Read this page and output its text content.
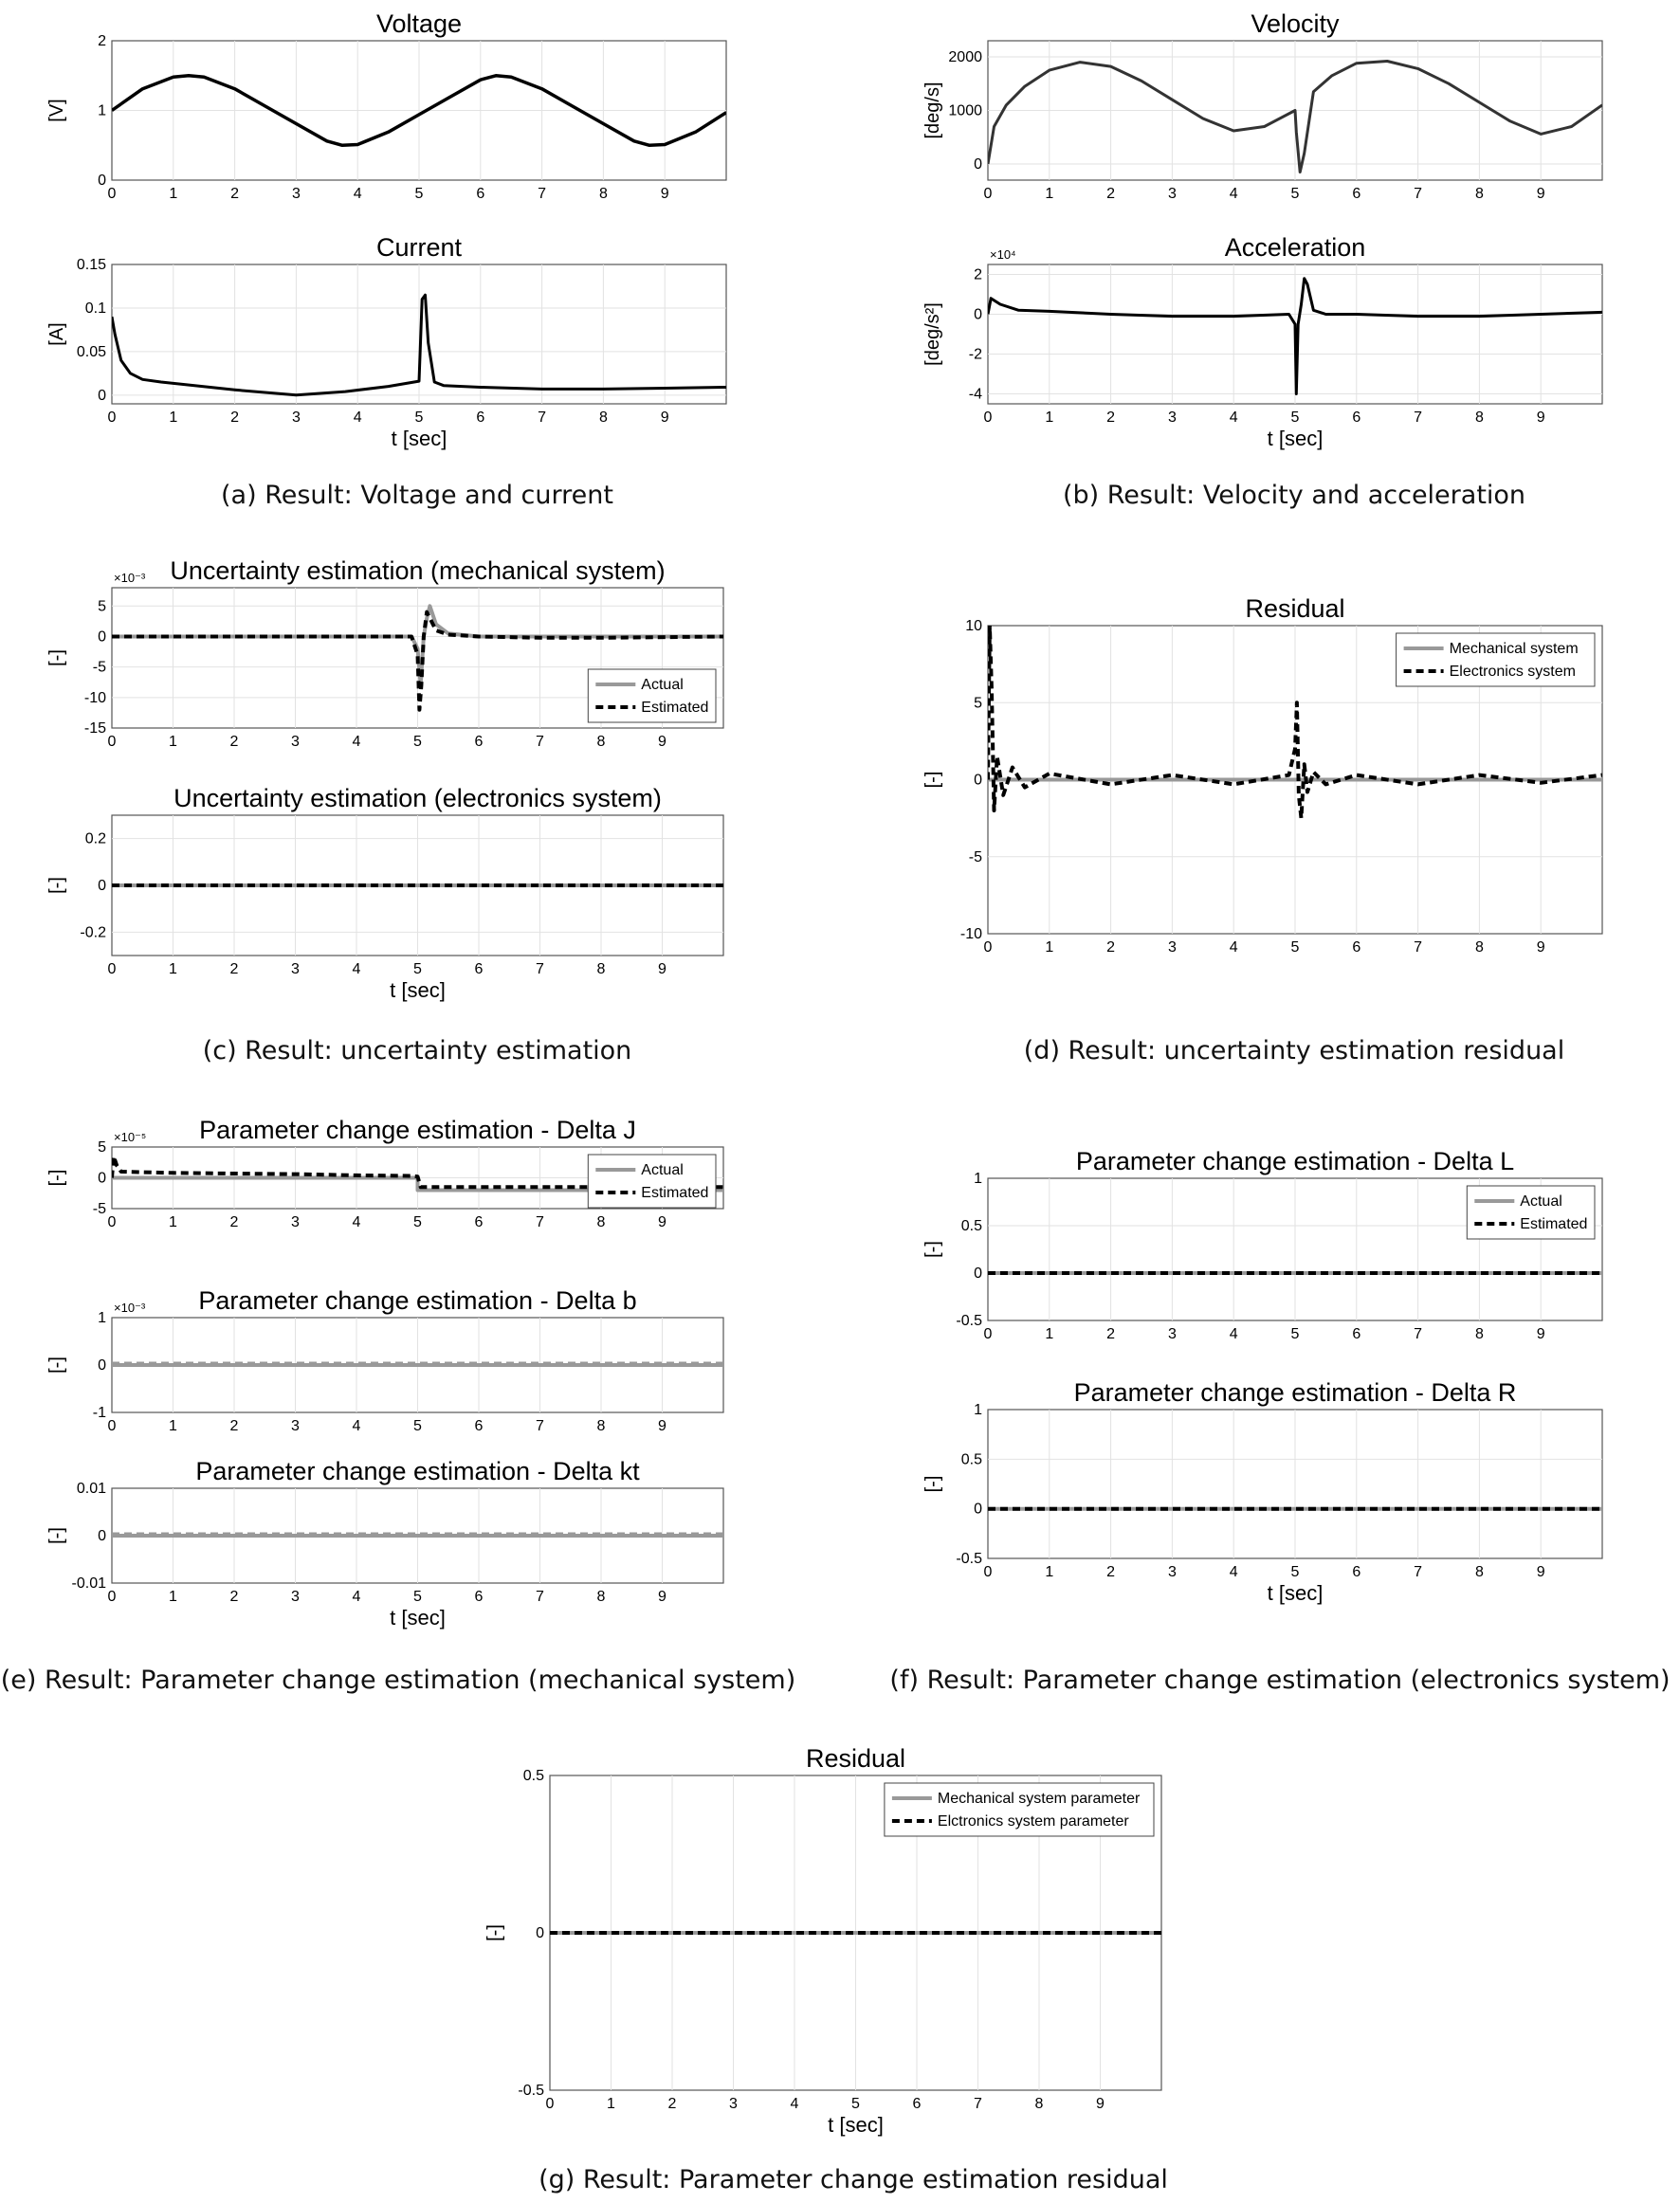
0	1	2	3	4	5	6	7	8	9
0
1
2
Voltage
[V]
0	1	2	3	4	5	6	7	8	9
0
0.05
0.1
0.15
Current
[A]
t [sec]
0	1	2	3	4	5	6	7	8	9
0
1000
2000
Velocity
[deg/s]
0	1	2	3	4	5	6	7	8	9
-4
-2
0
2
Acceleration
×10⁴
[deg/s²]
t [sec]
0	1	2	3	4	5	6	7	8	9
-15
-10
-5
0
5
Uncertainty estimation (mechanical system)
×10⁻³
[-]
Actual
Estimated
0	1	2	3	4	5	6	7	8	9
-0.2
0
0.2
Uncertainty estimation (electronics system)
[-]
t [sec]
0	1	2	3	4	5	6	7	8	9
-10
-5
0
5
10
Residual
[-]
Mechanical system
Electronics system
0	1	2	3	4	5	6	7	8	9
-5
0
5
Parameter change estimation - Delta J
×10⁻⁵
[-]	Actual
Estimated
0	1	2	3	4	5	6	7	8	9
-1
0
1
Parameter change estimation - Delta b
×10⁻³
[-]
0	1	2	3	4	5	6	7	8	9
-0.01
0
0.01
Parameter change estimation - Delta kt
[-]
t [sec]
0	1	2	3	4	5	6	7	8	9
-0.5
0
0.5
1
Parameter change estimation - Delta L
[-]
Actual
Estimated
0	1	2	3	4	5	6	7	8	9
-0.5
0
0.5
1
Parameter change estimation - Delta R
[-]
t [sec]
0	1	2	3	4	5	6	7	8	9
-0.5
0
0.5
Residual
[-]
t [sec]
Mechanical system parameter
Elctronics system parameter
(a) Result: Voltage and current	(b) Result: Velocity and acceleration
(c) Result: uncertainty estimation	(d) Result: uncertainty estimation residual
(e) Result: Parameter change estimation (mechanical system)	(f) Result: Parameter change estimation (electronics system)
(g) Result: Parameter change estimation residual
